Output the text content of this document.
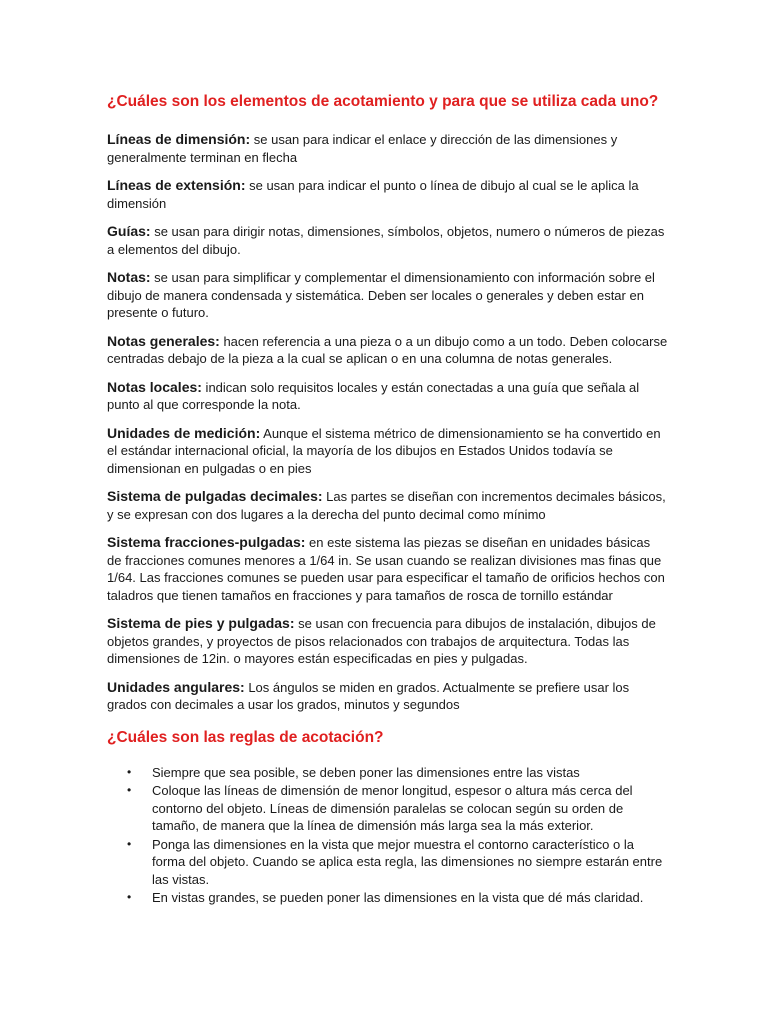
¿Cuáles son los elementos de acotamiento y para que se utiliza cada uno?

Líneas de dimensión: se usan para indicar el enlace y dirección de las dimensiones y generalmente terminan en flecha

Líneas de extensión: se usan para indicar el punto o línea de dibujo al cual se le aplica la dimensión

Guías: se usan para dirigir notas, dimensiones, símbolos, objetos, numero o números de piezas a elementos del dibujo.

Notas: se usan para simplificar y complementar el dimensionamiento con información sobre el dibujo de manera condensada y sistemática. Deben ser locales o generales y deben estar en presente o futuro.

Notas generales: hacen referencia a una pieza o a un dibujo como a un todo. Deben colocarse centradas debajo de la pieza a la cual se aplican o en una columna de notas generales.

Notas locales: indican solo requisitos locales y están conectadas a una guía que señala al punto al que corresponde la nota.

Unidades de medición: Aunque el sistema métrico de dimensionamiento se ha convertido en el estándar internacional oficial, la mayoría de los dibujos en Estados Unidos todavía se dimensionan en pulgadas o en pies

Sistema de pulgadas decimales: Las partes se diseñan con incrementos decimales básicos, y se expresan con dos lugares a la derecha del punto decimal como mínimo

Sistema fracciones-pulgadas: en este sistema las piezas se diseñan en unidades básicas de fracciones comunes menores a 1/64 in. Se usan cuando se realizan divisiones mas finas que 1/64. Las fracciones comunes se pueden usar para especificar el tamaño de orificios hechos con taladros que tienen tamaños en fracciones y para tamaños de rosca de tornillo estándar

Sistema de pies y pulgadas: se usan con frecuencia para dibujos de instalación, dibujos de objetos grandes, y proyectos de pisos relacionados con trabajos de arquitectura. Todas las dimensiones de 12in. o mayores están especificadas en pies y pulgadas.

Unidades angulares: Los ángulos se miden en grados. Actualmente se prefiere usar los grados con decimales a usar los grados, minutos y segundos

¿Cuáles son las reglas de acotación?
• Siempre que sea posible, se deben poner las dimensiones entre las vistas
• Coloque las líneas de dimensión de menor longitud, espesor o altura más cerca del contorno del objeto. Líneas de dimensión paralelas se colocan según su orden de tamaño, de manera que la línea de dimensión más larga sea la más exterior.
• Ponga las dimensiones en la vista que mejor muestra el contorno característico o la forma del objeto. Cuando se aplica esta regla, las dimensiones no siempre estarán entre las vistas.
• En vistas grandes, se pueden poner las dimensiones en la vista que dé más claridad.
